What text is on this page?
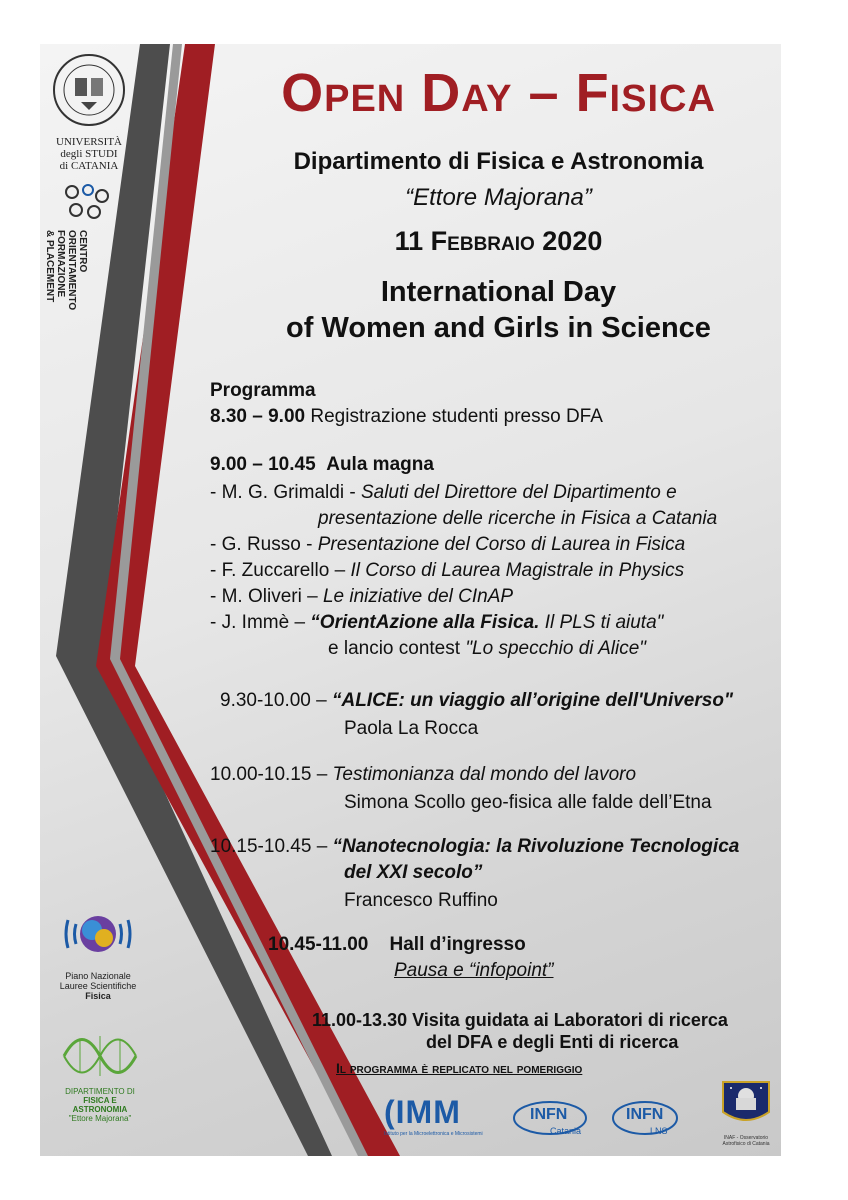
UNIVERSITÀ
degli STUDI
di CATANIA
CENTRO
ORIENTAMENTO
FORMAZIONE
& PLACEMENT
Open Day – Fisica
Dipartimento di Fisica e Astronomia
“Ettore Majorana”
11 Febbraio 2020
International Day
of Women and Girls in Science
Programma
8.30 – 9.00 Registrazione studenti presso DFA
9.00 – 10.45 Aula magna
- M. G. Grimaldi - Saluti del Direttore del Dipartimento e
presentazione delle ricerche in Fisica a Catania
- G. Russo - Presentazione del Corso di Laurea in Fisica
- F. Zuccarello – Il Corso di Laurea Magistrale in Physics
- M. Oliveri – Le iniziative del CInAP
- J. Immè – “OrientAzione alla Fisica. Il PLS ti aiuta"
e lancio contest "Lo specchio di Alice"
9.30-10.00 – “ALICE: un viaggio all’origine dell'Universo"
Paola La Rocca
10.00-10.15 – Testimonianza dal mondo del lavoro
Simona Scollo geo-fisica alle falde dell’Etna
10.15-10.45 – “Nanotecnologia: la Rivoluzione Tecnologica
del XXI secolo”
Francesco Ruffino
10.45-11.00 Hall d’ingresso
Pausa e “infopoint”
11.00-13.30 Visita guidata ai Laboratori di ricerca
del DFA e degli Enti di ricerca
Il programma è replicato nel pomeriggio
Piano Nazionale
Lauree Scientifiche
Fisica
DIPARTIMENTO DI
FISICA E
ASTRONOMIA
"Ettore Majorana"	(IMM
Istituto per la Microelettronica e Microsistemi
INFN
Catania
INFN
LNS
INAF - Osservatorio Astrofisico di Catania
